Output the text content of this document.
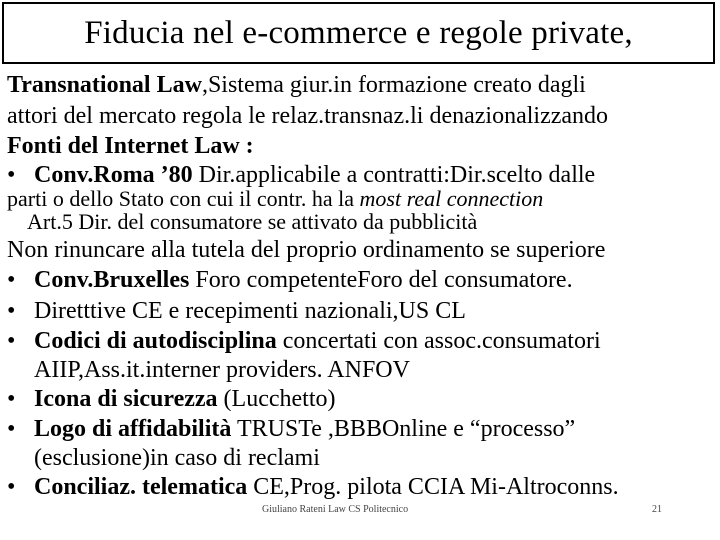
Fiducia nel e-commerce e regole private,
Transnational Law,Sistema giur.in formazione creato dagli
attori del mercato regola le relaz.transnaz.li denazionalizzando
Fonti del Internet Law :
• Conv.Roma ’80 Dir.applicabile a contratti:Dir.scelto dalle
parti o dello Stato con cui il contr. ha la most real connection
Art.5 Dir. del consumatore se attivato da pubblicità
Non rinuncare alla tutela del proprio ordinamento se superiore
• Conv.Bruxelles Foro competenteForo del consumatore.
• Diretttive CE e recepimenti nazionali,US CL
• Codici di autodisciplina concertati con assoc.consumatori
AIIP,Ass.it.interner providers. ANFOV
• Icona di sicurezza (Lucchetto)
• Logo di affidabilità TRUSTe ,BBBOnline e “processo”
(esclusione)in caso di reclami
• Conciliaz. telematica CE,Prog. pilota CCIA Mi-Altroconns.
Giuliano Rateni Law CS Politecnico	21
